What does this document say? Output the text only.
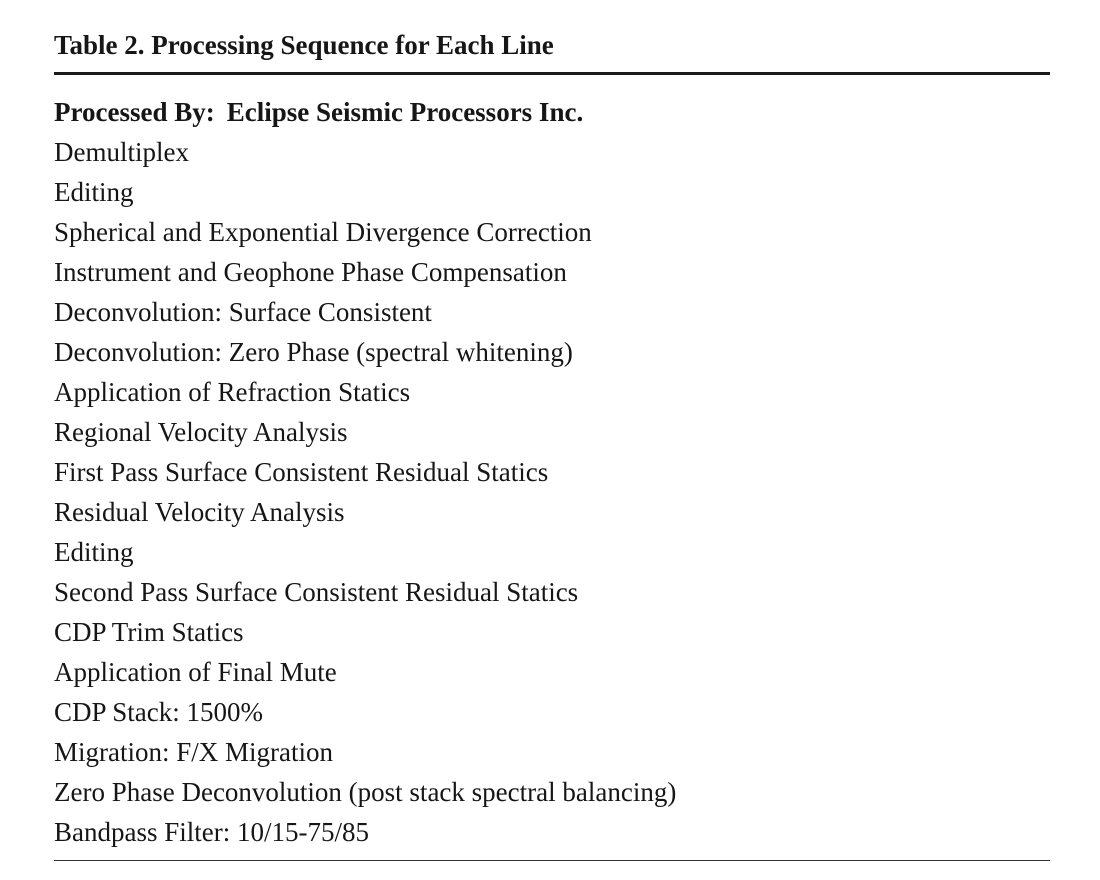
Table 2. Processing Sequence for Each Line
Processed By: Eclipse Seismic Processors Inc.
Demultiplex
Editing
Spherical and Exponential Divergence Correction
Instrument and Geophone Phase Compensation
Deconvolution: Surface Consistent
Deconvolution: Zero Phase (spectral whitening)
Application of Refraction Statics
Regional Velocity Analysis
First Pass Surface Consistent Residual Statics
Residual Velocity Analysis
Editing
Second Pass Surface Consistent Residual Statics
CDP Trim Statics
Application of Final Mute
CDP Stack: 1500%
Migration: F/X Migration
Zero Phase Deconvolution (post stack spectral balancing)
Bandpass Filter: 10/15-75/85
